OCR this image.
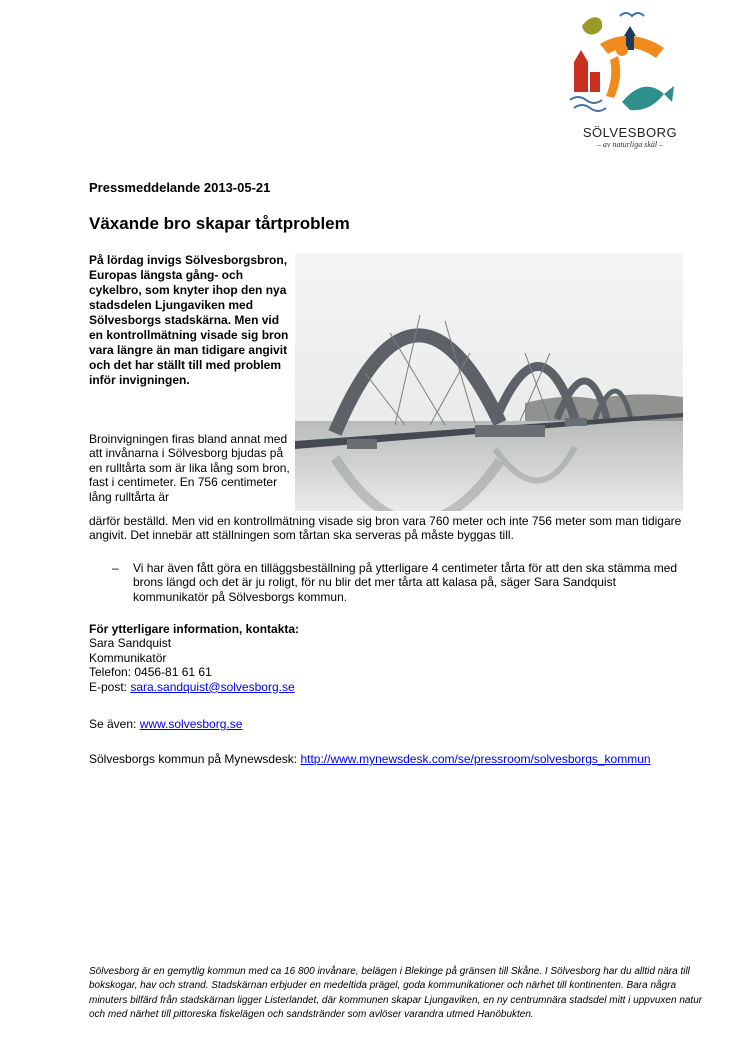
SÖLVESBORG
– av naturliga skäl –
Pressmeddelande 2013-05-21
Växande bro skapar tårtproblem

På lördag invigs Sölvesborgsbron, Europas längsta gång- och cykelbro, som knyter ihop den nya stadsdelen Ljungaviken med Sölvesborgs stadskärna. Men vid en kontrollmätning visade sig bron vara längre än man tidigare angivit och det har ställt till med problem inför invigningen.

Broinvigningen firas bland annat med att invånarna i Sölvesborg bjudas på en rulltårta som är lika lång som bron, fast i centimeter. En 756 centimeter lång rulltårta är

därför beställd. Men vid en kontrollmätning visade sig bron vara 760 meter och inte 756 meter som man tidigare angivit. Det innebär att ställningen som tårtan ska serveras på måste byggas till.

– Vi har även fått göra en tilläggsbeställning på ytterligare 4 centimeter tårta för att den ska stämma med brons längd och det är ju roligt, för nu blir det mer tårta att kalasa på, säger Sara Sandquist kommunikatör på Sölvesborgs kommun.

För ytterligare information, kontakta:
Sara Sandquist
Kommunikatör
Telefon: 0456-81 61 61
E-post: sara.sandquist@solvesborg.se
Se även: www.solvesborg.se
Sölvesborgs kommun på Mynewsdesk: http://www.mynewsdesk.com/se/pressroom/solvesborgs_kommun

Sölvesborg är en gemytlig kommun med ca 16 800 invånare, belägen i Blekinge på gränsen till Skåne. I Sölvesborg har du alltid nära till bokskogar, hav och strand. Stadskärnan erbjuder en medeltida prägel, goda kommunikationer och närhet till kontinenten. Bara några minuters bilfärd från stadskärnan ligger Listerlandet, där kommunen skapar Ljungaviken, en ny centrumnära stadsdel mitt i uppvuxen natur och med närhet till pittoreska fiskelägen och sandstränder som avlöser varandra utmed Hanöbukten.
